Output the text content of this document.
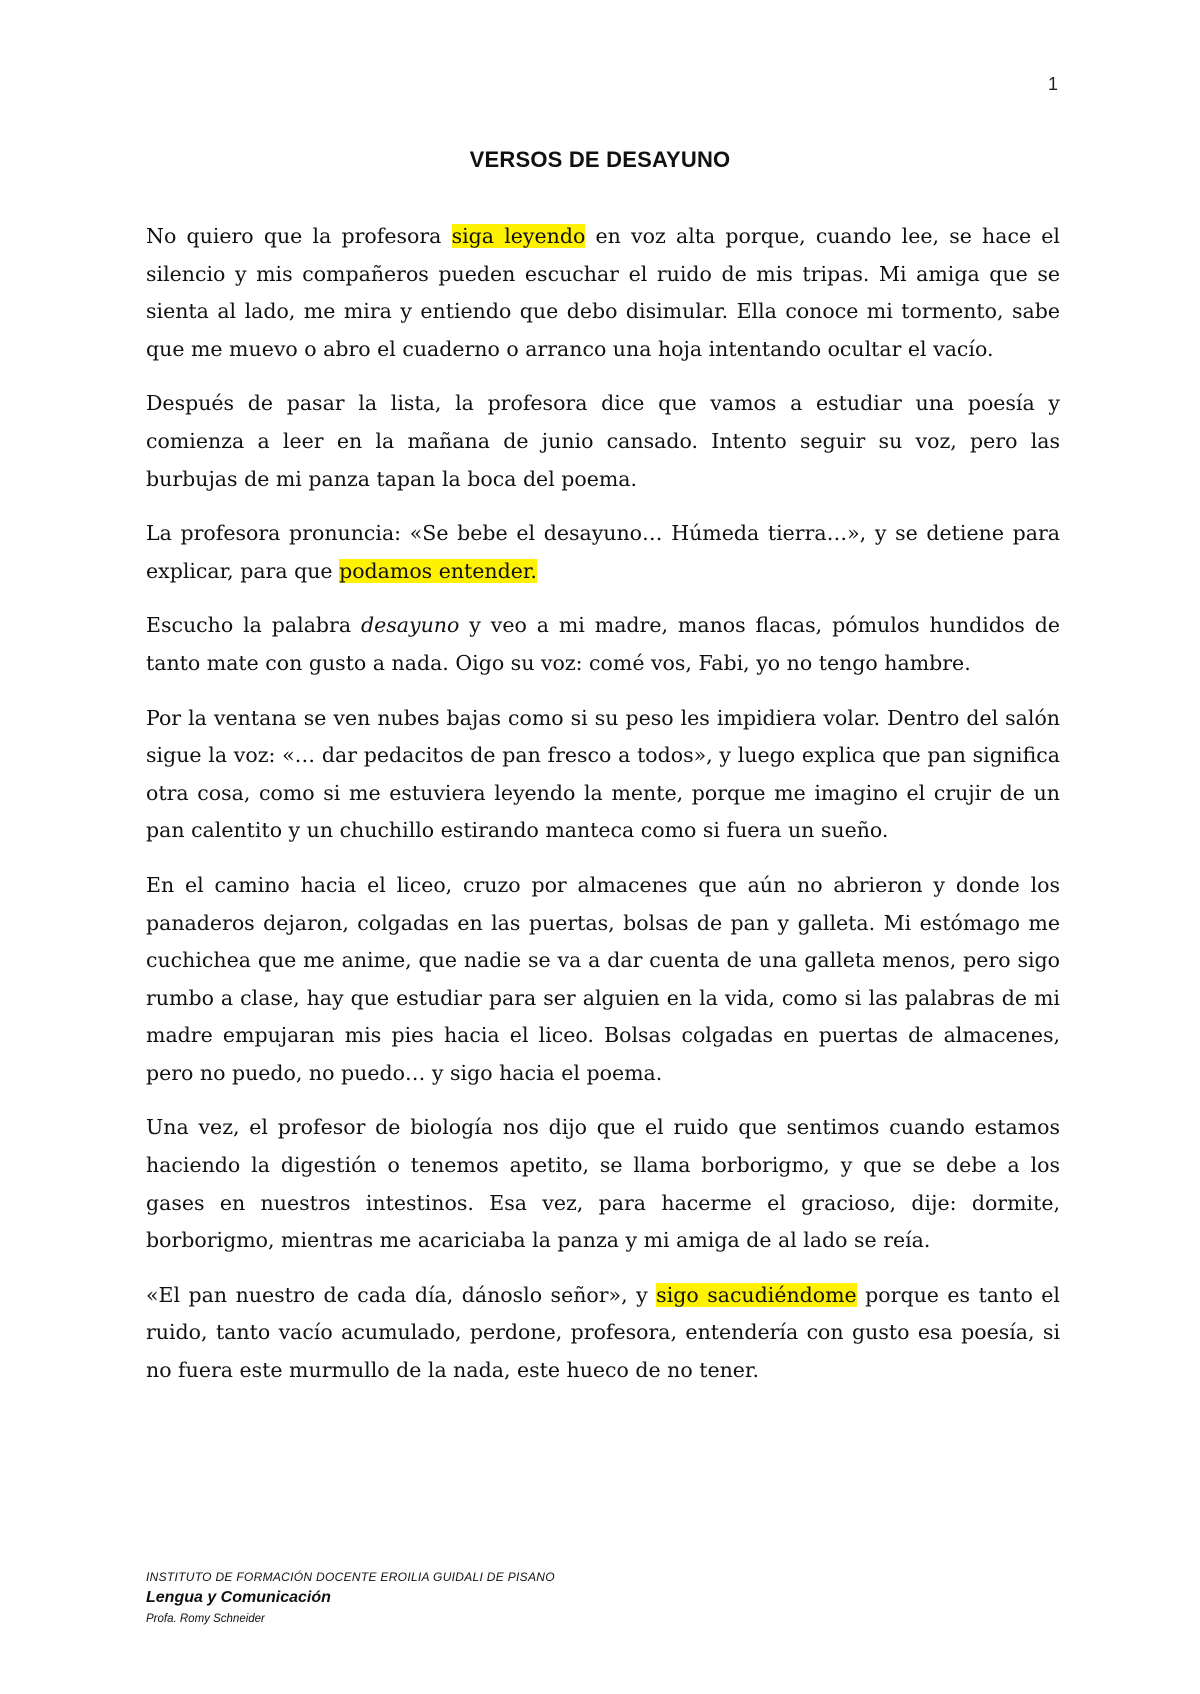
1
VERSOS DE DESAYUNO

No quiero que la profesora siga leyendo en voz alta porque, cuando lee, se hace el silencio y mis compañeros pueden escuchar el ruido de mis tripas. Mi amiga que se sienta al lado, me mira y entiendo que debo disimular. Ella conoce mi tormento, sabe que me muevo o abro el cuaderno o arranco una hoja intentando ocultar el vacío.

Después de pasar la lista, la profesora dice que vamos a estudiar una poesía y comienza a leer en la mañana de junio cansado. Intento seguir su voz, pero las burbujas de mi panza tapan la boca del poema.

La profesora pronuncia: «Se bebe el desayuno… Húmeda tierra…», y se detiene para explicar, para que podamos entender.

Escucho la palabra desayuno y veo a mi madre, manos flacas, pómulos hundidos de tanto mate con gusto a nada. Oigo su voz: comé vos, Fabi, yo no tengo hambre.

Por la ventana se ven nubes bajas como si su peso les impidiera volar. Dentro del salón sigue la voz: «… dar pedacitos de pan fresco a todos», y luego explica que pan significa otra cosa, como si me estuviera leyendo la mente, porque me imagino el crujir de un pan calentito y un chuchillo estirando manteca como si fuera un sueño.

En el camino hacia el liceo, cruzo por almacenes que aún no abrieron y donde los panaderos dejaron, colgadas en las puertas, bolsas de pan y galleta. Mi estómago me cuchichea que me anime, que nadie se va a dar cuenta de una galleta menos, pero sigo rumbo a clase, hay que estudiar para ser alguien en la vida, como si las palabras de mi madre empujaran mis pies hacia el liceo. Bolsas colgadas en puertas de almacenes, pero no puedo, no puedo… y sigo hacia el poema.

Una vez, el profesor de biología nos dijo que el ruido que sentimos cuando estamos haciendo la digestión o tenemos apetito, se llama borborigmo, y que se debe a los gases en nuestros intestinos. Esa vez, para hacerme el gracioso, dije: dormite, borborigmo, mientras me acariciaba la panza y mi amiga de al lado se reía.

«El pan nuestro de cada día, dánoslo señor», y sigo sacudiéndome porque es tanto el ruido, tanto vacío acumulado, perdone, profesora, entendería con gusto esa poesía, si no fuera este murmullo de la nada, este hueco de no tener.

INSTITUTO DE FORMACIÓN DOCENTE EROILIA GUIDALI DE PISANO
Lengua y Comunicación
Profa. Romy Schneider
